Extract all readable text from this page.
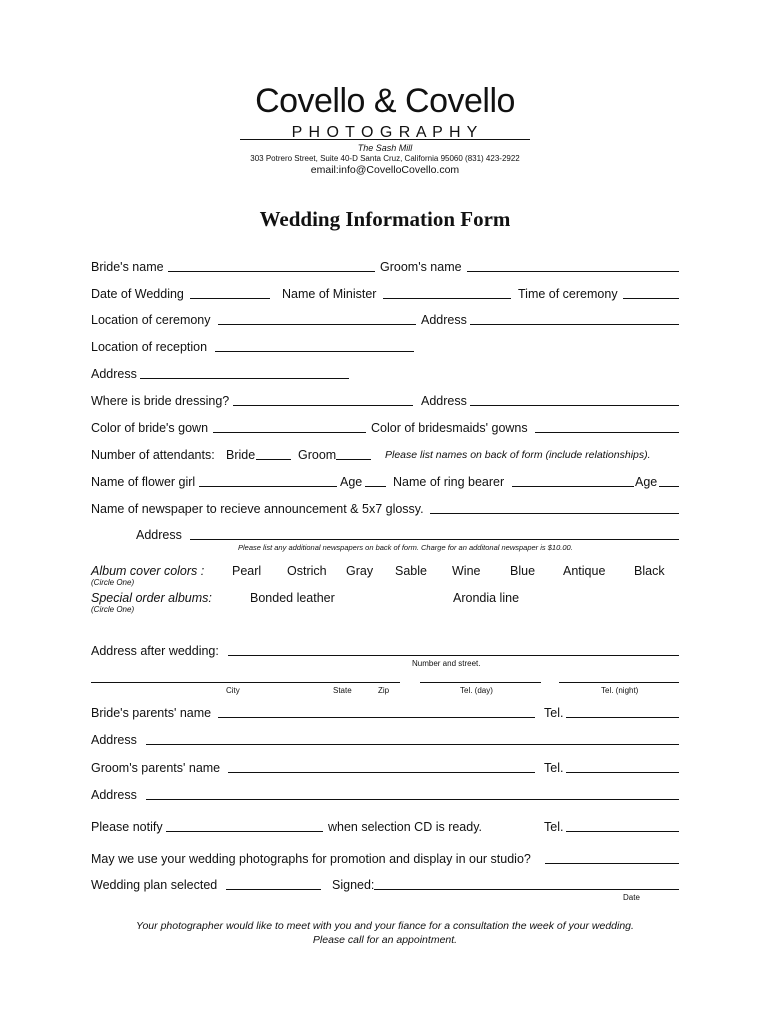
Covello & Covello
P H O T O G R A P H Y
The Sash Mill
303 Potrero Street, Suite 40-D Santa Cruz, California 95060 (831) 423-2922
email:info@CovelloCovello.com
Wedding Information Form
Bride's name	Groom's name
Date of Wedding	Name of Minister	Time of ceremony
Location of ceremony	Address
Location of reception
Address
Where is bride dressing?	Address
Color of bride's gown	Color of bridesmaids' gowns
Number of attendants: Bride	Groom	Please list names on back of form (include relationships).
Name of flower girl	Age Name of ring bearer	Age
Name of newspaper to recieve announcement & 5x7 glossy.
Address
Please list any additional newspapers on back of form. Charge for an additonal newspaper is $10.00.
Album cover colors :
(Circle One)
Pearl Ostrich Gray Sable Wine Blue Antique Black
Special order albums:
(Circle One)
Bonded leather	Arondia line
Address after wedding:
Number and street.
City	State	Zip	Tel. (day)	Tel. (night)
Bride's parents' name	Tel.
Address
Groom's parents' name	Tel.
Address
Please notify	when selection CD is ready.	Tel.
May we use your wedding photographs for promotion and display in our studio?
Wedding plan selected	Signed:
Date
Your photographer would like to meet with you and your fiance for a consultation the week of your wedding.
Please call for an appointment.
